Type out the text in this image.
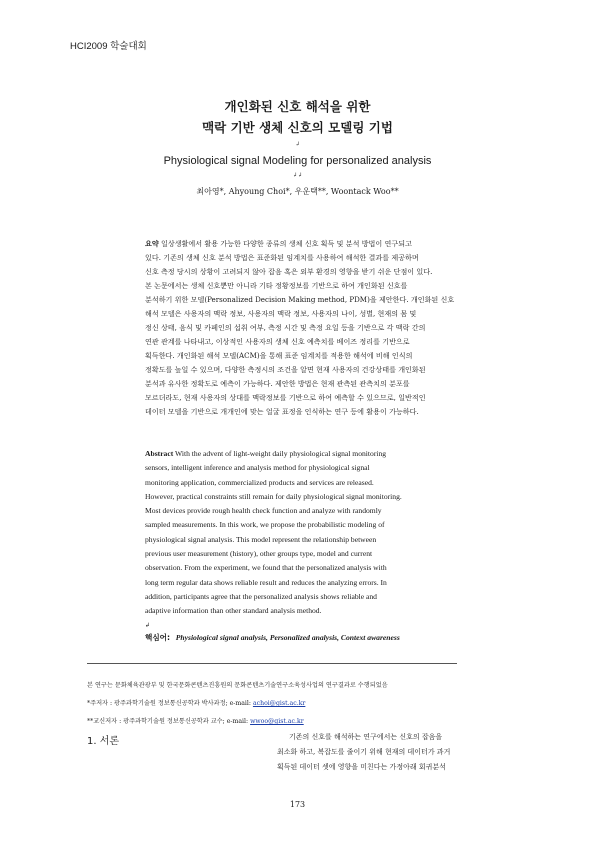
HCI2009 학술대회
개인화된 신호 해석을 위한
맥락 기반 생체 신호의 모델링 기법
↲
Physiological signal Modeling for personalized analysis
↲↲
최아영*, Ahyoung Choi*, 우운택**, Woontack Woo**
요약 일상생활에서 활용 가능한 다양한 종류의 생체 신호 획득 및 분석 방법이 연구되고
있다. 기존의 생체 신호 분석 방법은 표준화된 임계치를 사용하여 해석한 결과를 제공하며
신호 측정 당시의 상황이 고려되지 않아 잡음 혹은 외부 환경의 영향을 받기 쉬운 단점이 있다.
본 논문에서는 생체 신호뿐만 아니라 기타 정황정보를 기반으로 하여 개인화된 신호를
분석하기 위한 모델(Personalized Decision Making method, PDM)을 제안한다. 개인화된 신호
해석 모델은 사용자의 맥락 정보, 사용자의 맥락 정보, 사용자의 나이, 성별, 현재의 몸 및
정신 상태, 음식 및 카페인의 섭취 여부, 측정 시간 및 측정 요일 등을 기반으로 각 맥락 간의
연관 관계를 나타내고, 이상적인 사용자의 생체 신호 예측치를 베이즈 정리를 기반으로
획득한다. 개인화된 해석 모델(ACM)을 통해 표준 임계치를 적용한 해석에 비해 인식의
정확도를 높일 수 있으며, 다양한 측정시의 조건을 알면 현재 사용자의 건강상태를 개인화된
분석과 유사한 정확도로 예측이 가능하다. 제안한 방법은 현재 관측된 관측치의 분포를
모르더라도, 현재 사용자의 상대를 맥락정보를 기반으로 하여 예측할 수 있으므로, 일반적인
데이터 모델을 기반으로 개개인에 맞는 얼굴 표정을 인식하는 연구 등에 활용이 가능하다.
Abstract With the advent of light-weight daily physiological signal monitoring
sensors, intelligent inference and analysis method for physiological signal
monitoring application, commercialized products and services are released.
However, practical constraints still remain for daily physiological signal monitoring.
Most devices provide rough health check function and analyze with randomly
sampled measurements. In this work, we propose the probabilistic modeling of
physiological signal analysis. This model represent the relationship between
previous user measurement (history), other groups type, model and current
observation. From the experiment, we found that the personalized analysis with
long term regular data shows reliable result and reduces the analyzing errors. In
addition, participants agree that the personalized analysis shows reliable and
adaptive information than other standard analysis method.
↲
핵심어: Physiological signal analysis, Personalized analysis, Context awareness
본 연구는 문화체육관광부 및 한국문화콘텐츠진흥원의 문화콘텐츠기술연구소육성사업의 연구결과로 수행되었음
*주저자 : 광주과학기술원 정보통신공학과 박사과정; e-mail: achoi@gist.ac.kr
**교신저자 : 광주과학기술원 정보통신공학과 교수; e-mail: wwoo@gist.ac.kr
1. 서론	기존의 신호를 해석하는 연구에서는 신호의 잡음을
최소화 하고, 복잡도를 줄이기 위해 현재의 데이터가 과거
획득된 데이터 셋에 영향을 미친다는 가정아래 회귀분석
173
